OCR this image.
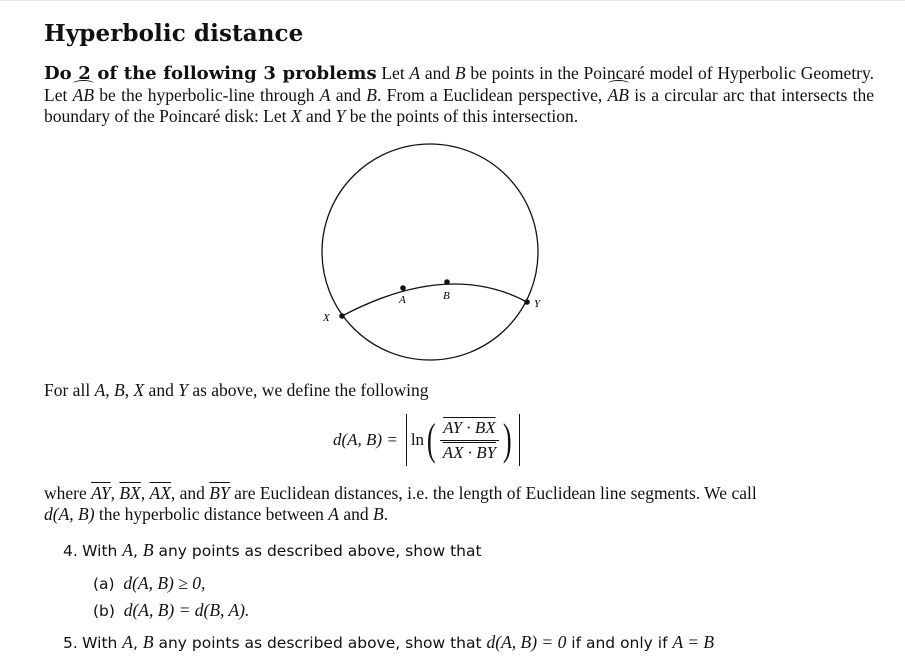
Hyperbolic distance

Do 2 of the following 3 problems Let A and B be points in the Poincaré model of Hyperbolic Geometry. Let AB be the hyperbolic-line through A and B. From a Euclidean perspective, AB is a circular arc that intersects the boundary of the Poincaré disk: Let X and Y be the points of this intersection.

X
A	B
Y

For all A, B, X and Y as above, we define the following

d(A, B) = ln ( $\frac{AY \cdot BX}{AX \cdot BY}$ )

where $\overline{AY}$, $\overline{BX}$, $\overline{AX}$, and $\overline{BY}$ are Euclidean distances, i.e. the length of Euclidean line segments. We call
d(A, B) the hyperbolic distance between A and B.

4. With A, B any points as described above, show that
(a) d(A, B) ≥ 0,
(b) d(A, B) = d(B, A).
5. With A, B any points as described above, show that d(A, B) = 0 if and only if A = B
